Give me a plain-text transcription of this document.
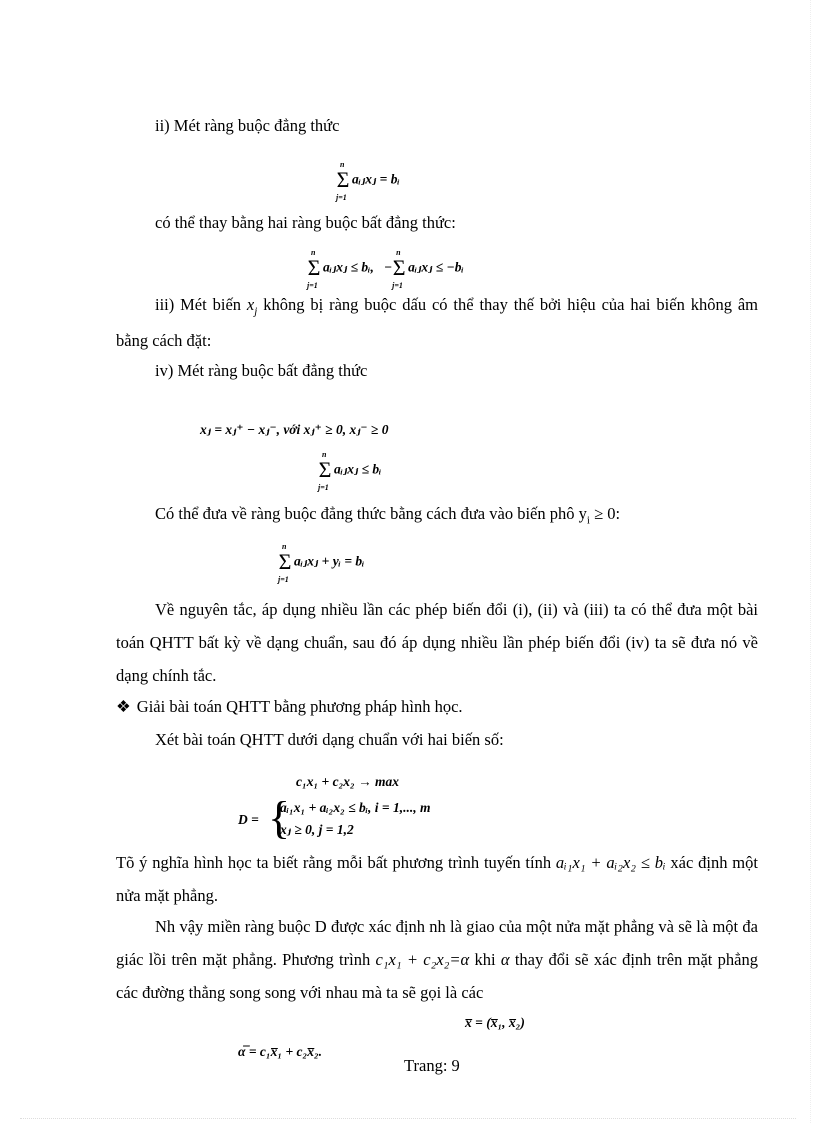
ii) Mét ràng buộc đẳng thức
n
Σ
j=1
aᵢⱼxⱼ = bᵢ
có thể thay bằng hai ràng buộc bất đẳng thức:
n
Σ
j=1
aᵢⱼxⱼ ≤ bᵢ, −
n
Σ
j=1
aᵢⱼxⱼ ≤ −bᵢ
iii) Mét biến $x_j$ không bị ràng buộc dấu có thể thay thế bởi hiệu của hai biến không âm bằng cách đặt:
iv) Mét ràng buộc bất đẳng thức
xⱼ = xⱼ⁺ − xⱼ⁻, với xⱼ⁺ ≥ 0, xⱼ⁻ ≥ 0
n
Σ
j=1
aᵢⱼxⱼ ≤ bᵢ
Có thể đưa về ràng buộc đẳng thức bằng cách đưa vào biến phô $y_i \ge 0$:
n
Σ
j=1
aᵢⱼxⱼ + yᵢ = bᵢ
Về nguyên tắc, áp dụng nhiều lần các phép biến đổi (i), (ii) và (iii) ta có thể đưa một bài toán QHTT bất kỳ về dạng chuẩn, sau đó áp dụng nhiều lần phép biến đổi (iv) ta sẽ đưa nó về dạng chính tắc.
❖ Giải bài toán QHTT bằng phương pháp hình học.
Xét bài toán QHTT dưới dạng chuẩn với hai biến số:
c₁x₁ + c₂x₂ → max
D = {
aᵢ₁x₁ + aᵢ₂x₂ ≤ bᵢ, i = 1,..., m
xⱼ ≥ 0, j = 1,2
Tõ ý nghĩa hình học ta biết rằng mỗi bất phương trình tuyến tính aᵢ₁x₁ + aᵢ₂x₂ ≤ bᵢ xác định một nửa mặt phẳng.
Nh vậy miền ràng buộc D được xác định nh là giao của một nửa mặt phẳng và sẽ là một đa giác lồi trên mặt phẳng. Phương trình c₁x₁ + c₂x₂=α khi α thay đổi sẽ xác định trên mặt phẳng các đường thẳng song song với nhau mà ta sẽ gọi là các
x̅ = (x̅₁, x̅₂)
α̅ = c₁x̅₁ + c₂x̅₂.
Trang: 9
